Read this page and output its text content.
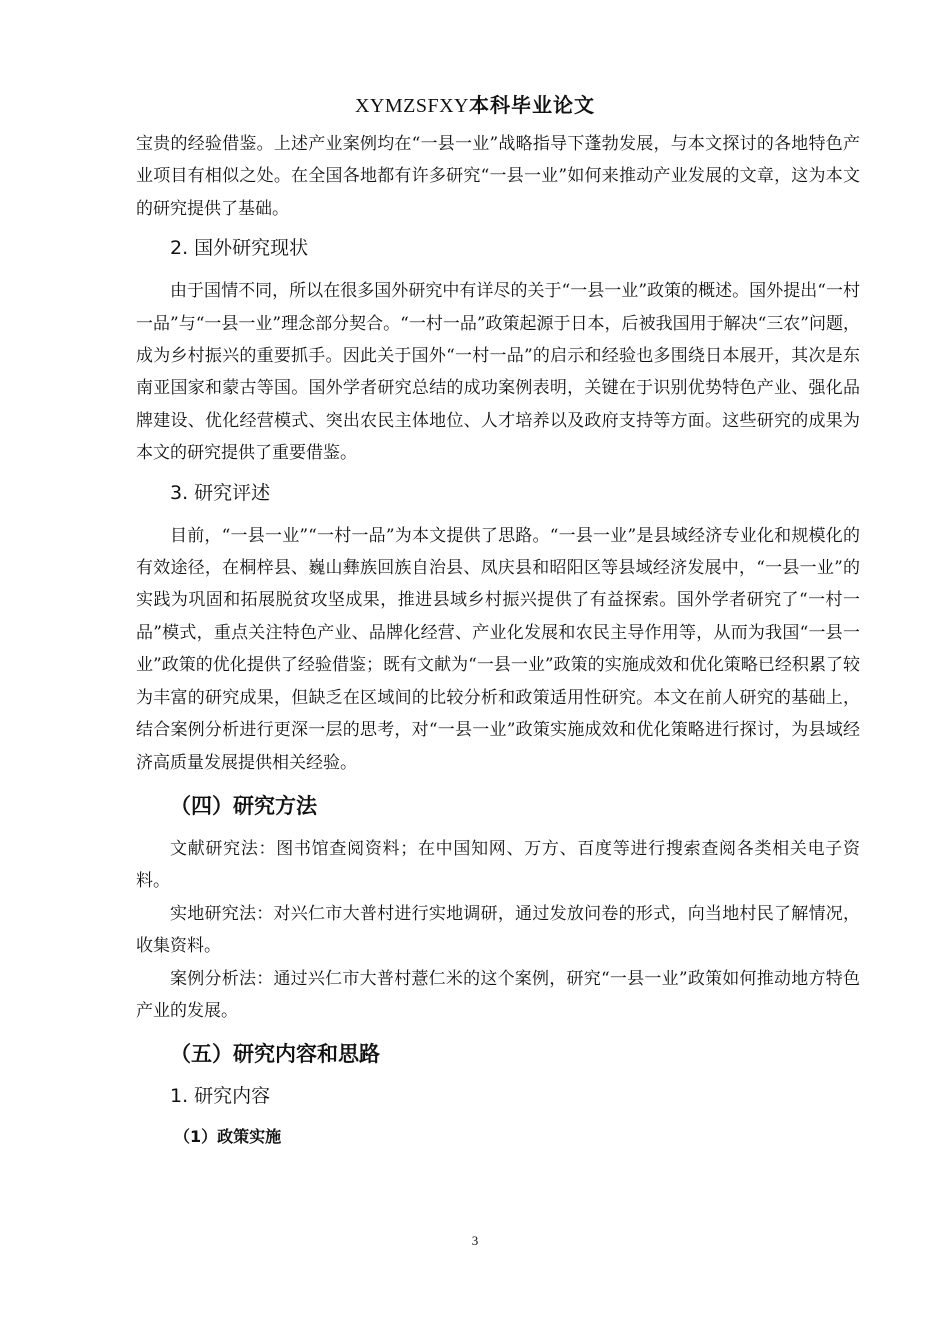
XYMZSFXY本科毕业论文

宝贵的经验借鉴。上述产业案例均在“一县一业”战略指导下蓬勃发展，与本文探讨的各地特色产业项目有相似之处。在全国各地都有许多研究“一县一业”如何来推动产业发展的文章，这为本文的研究提供了基础。

2. 国外研究现状

由于国情不同，所以在很多国外研究中有详尽的关于“一县一业”政策的概述。国外提出“一村一品”与“一县一业”理念部分契合。“一村一品”政策起源于日本，后被我国用于解决“三农”问题，成为乡村振兴的重要抓手。因此关于国外“一村一品”的启示和经验也多围绕日本展开，其次是东南亚国家和蒙古等国。国外学者研究总结的成功案例表明，关键在于识别优势特色产业、强化品牌建设、优化经营模式、突出农民主体地位、人才培养以及政府支持等方面。这些研究的成果为本文的研究提供了重要借鉴。

3. 研究评述

目前，“一县一业”“一村一品”为本文提供了思路。“一县一业”是县域经济专业化和规模化的有效途径，在桐梓县、巍山彝族回族自治县、凤庆县和昭阳区等县域经济发展中，“一县一业”的实践为巩固和拓展脱贫攻坚成果，推进县域乡村振兴提供了有益探索。国外学者研究了“一村一品”模式，重点关注特色产业、品牌化经营、产业化发展和农民主导作用等，从而为我国“一县一业”政策的优化提供了经验借鉴；既有文献为“一县一业”政策的实施成效和优化策略已经积累了较为丰富的研究成果，但缺乏在区域间的比较分析和政策适用性研究。本文在前人研究的基础上，结合案例分析进行更深一层的思考，对“一县一业”政策实施成效和优化策略进行探讨，为县域经济高质量发展提供相关经验。

（四）研究方法

文献研究法：图书馆查阅资料；在中国知网、万方、百度等进行搜索查阅各类相关电子资料。

实地研究法：对兴仁市大普村进行实地调研，通过发放问卷的形式，向当地村民了解情况，收集资料。

案例分析法：通过兴仁市大普村薏仁米的这个案例，研究“一县一业”政策如何推动地方特色产业的发展。

（五）研究内容和思路
1. 研究内容
（1）政策实施
3
